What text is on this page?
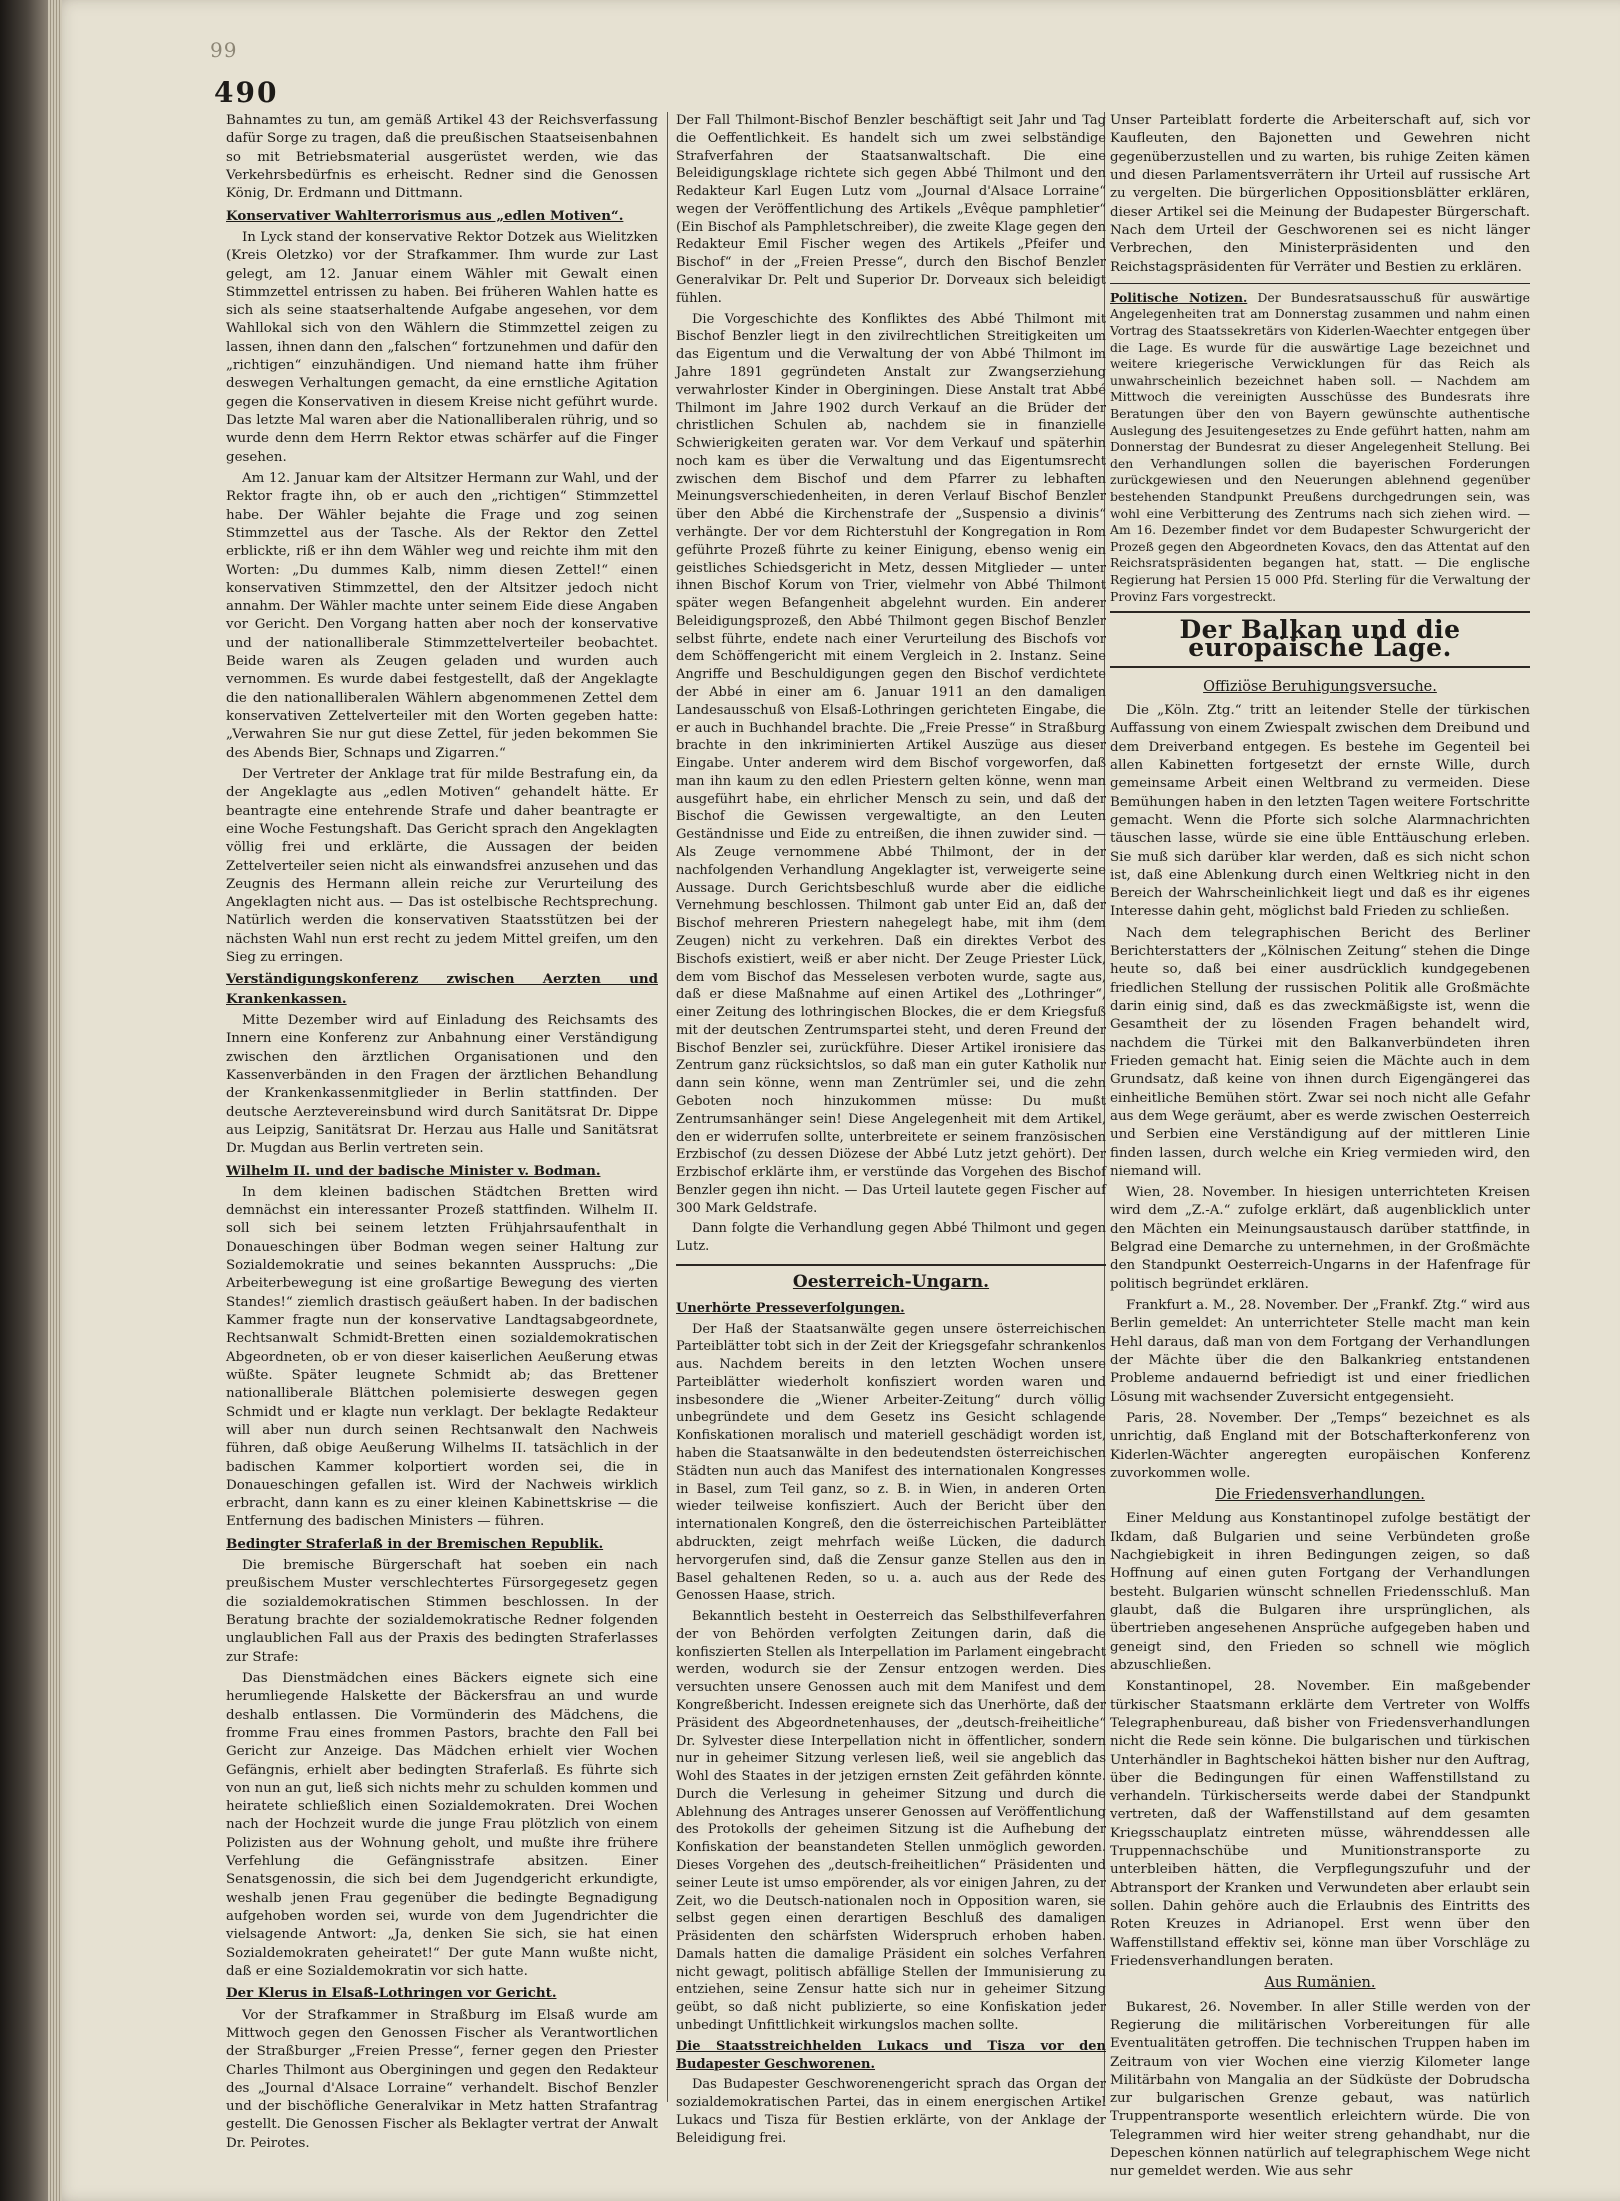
99
490

Bahnamtes zu tun, am gemäß Artikel 43 der Reichsverfassung dafür Sorge zu tragen, daß die preußischen Staatseisenbahnen so mit Betriebsmaterial ausgerüstet werden, wie das Verkehrsbedürfnis es erheischt. Redner sind die Genossen König, Dr. Erdmann und Dittmann.

Konservativer Wahlterrorismus aus „edlen Motiven“.

In Lyck stand der konservative Rektor Dotzek aus Wielitzken (Kreis Oletzko) vor der Strafkammer. Ihm wurde zur Last gelegt, am 12. Januar einem Wähler mit Gewalt einen Stimmzettel entrissen zu haben. Bei früheren Wahlen hatte es sich als seine staatserhaltende Aufgabe angesehen, vor dem Wahllokal sich von den Wählern die Stimmzettel zeigen zu lassen, ihnen dann den „falschen“ fortzunehmen und dafür den „richtigen“ einzuhändigen. Und niemand hatte ihm früher deswegen Verhaltungen gemacht, da eine ernstliche Agitation gegen die Konservativen in diesem Kreise nicht geführt wurde. Das letzte Mal waren aber die Nationalliberalen rührig, und so wurde denn dem Herrn Rektor etwas schärfer auf die Finger gesehen.

Am 12. Januar kam der Altsitzer Hermann zur Wahl, und der Rektor fragte ihn, ob er auch den „richtigen“ Stimmzettel habe. Der Wähler bejahte die Frage und zog seinen Stimmzettel aus der Tasche. Als der Rektor den Zettel erblickte, riß er ihn dem Wähler weg und reichte ihm mit den Worten: „Du dummes Kalb, nimm diesen Zettel!“ einen konservativen Stimmzettel, den der Altsitzer jedoch nicht annahm. Der Wähler machte unter seinem Eide diese Angaben vor Gericht. Den Vorgang hatten aber noch der konservative und der nationalliberale Stimmzettelverteiler beobachtet. Beide waren als Zeugen geladen und wurden auch vernommen. Es wurde dabei festgestellt, daß der Angeklagte die den nationalliberalen Wählern abgenommenen Zettel dem konservativen Zettelverteiler mit den Worten gegeben hatte: „Verwahren Sie nur gut diese Zettel, für jeden bekommen Sie des Abends Bier, Schnaps und Zigarren.“

Der Vertreter der Anklage trat für milde Bestrafung ein, da der Angeklagte aus „edlen Motiven“ gehandelt hätte. Er beantragte eine entehrende Strafe und daher beantragte er eine Woche Festungshaft. Das Gericht sprach den Angeklagten völlig frei und erklärte, die Aussagen der beiden Zettelverteiler seien nicht als einwandsfrei anzusehen und das Zeugnis des Hermann allein reiche zur Verurteilung des Angeklagten nicht aus. — Das ist ostelbische Rechtsprechung. Natürlich werden die konservativen Staatsstützen bei der nächsten Wahl nun erst recht zu jedem Mittel greifen, um den Sieg zu erringen.

Verständigungskonferenz zwischen Aerzten und Krankenkassen.

Mitte Dezember wird auf Einladung des Reichsamts des Innern eine Konferenz zur Anbahnung einer Verständigung zwischen den ärztlichen Organisationen und den Kassenverbänden in den Fragen der ärztlichen Behandlung der Krankenkassenmitglieder in Berlin stattfinden. Der deutsche Aerztevereinsbund wird durch Sanitätsrat Dr. Dippe aus Leipzig, Sanitätsrat Dr. Herzau aus Halle und Sanitätsrat Dr. Mugdan aus Berlin vertreten sein.

Wilhelm II. und der badische Minister v. Bodman.

In dem kleinen badischen Städtchen Bretten wird demnächst ein interessanter Prozeß stattfinden. Wilhelm II. soll sich bei seinem letzten Frühjahrsaufenthalt in Donaueschingen über Bodman wegen seiner Haltung zur Sozialdemokratie und seines bekannten Ausspruchs: „Die Arbeiterbewegung ist eine großartige Bewegung des vierten Standes!“ ziemlich drastisch geäußert haben. In der badischen Kammer fragte nun der konservative Landtagsabgeordnete, Rechtsanwalt Schmidt-Bretten einen sozialdemokratischen Abgeordneten, ob er von dieser kaiserlichen Aeußerung etwas wüßte. Später leugnete Schmidt ab; das Brettener nationalliberale Blättchen polemisierte deswegen gegen Schmidt und er klagte nun verklagt. Der beklagte Redakteur will aber nun durch seinen Rechtsanwalt den Nachweis führen, daß obige Aeußerung Wilhelms II. tatsächlich in der badischen Kammer kolportiert worden sei, die in Donaueschingen gefallen ist. Wird der Nachweis wirklich erbracht, dann kann es zu einer kleinen Kabinettskrise — die Entfernung des badischen Ministers — führen.

Bedingter Straferlaß in der Bremischen Republik.

Die bremische Bürgerschaft hat soeben ein nach preußischem Muster verschlechtertes Fürsorgegesetz gegen die sozialdemokratischen Stimmen beschlossen. In der Beratung brachte der sozialdemokratische Redner folgenden unglaublichen Fall aus der Praxis des bedingten Straferlasses zur Strafe:

Das Dienstmädchen eines Bäckers eignete sich eine herumliegende Halskette der Bäckersfrau an und wurde deshalb entlassen. Die Vormünderin des Mädchens, die fromme Frau eines frommen Pastors, brachte den Fall bei Gericht zur Anzeige. Das Mädchen erhielt vier Wochen Gefängnis, erhielt aber bedingten Straferlaß. Es führte sich von nun an gut, ließ sich nichts mehr zu schulden kommen und heiratete schließlich einen Sozialdemokraten. Drei Wochen nach der Hochzeit wurde die junge Frau plötzlich von einem Polizisten aus der Wohnung geholt, und mußte ihre frühere Verfehlung die Gefängnisstrafe absitzen. Einer Senatsgenossin, die sich bei dem Jugendgericht erkundigte, weshalb jenen Frau gegenüber die bedingte Begnadigung aufgehoben worden sei, wurde von dem Jugendrichter die vielsagende Antwort: „Ja, denken Sie sich, sie hat einen Sozialdemokraten geheiratet!“ Der gute Mann wußte nicht, daß er eine Sozialdemokratin vor sich hatte.

Der Klerus in Elsaß-Lothringen vor Gericht.

Vor der Strafkammer in Straßburg im Elsaß wurde am Mittwoch gegen den Genossen Fischer als Verantwortlichen der Straßburger „Freien Presse“, ferner gegen den Priester Charles Thilmont aus Oberginingen und gegen den Redakteur des „Journal d'Alsace Lorraine“ verhandelt. Bischof Benzler und der bischöfliche Generalvikar in Metz hatten Strafantrag gestellt. Die Genossen Fischer als Beklagter vertrat der Anwalt Dr. Peirotes.

Der Fall Thilmont-Bischof Benzler beschäftigt seit Jahr und Tag die Oeffentlichkeit. Es handelt sich um zwei selbständige Strafverfahren der Staatsanwaltschaft. Die eine Beleidigungsklage richtete sich gegen Abbé Thilmont und den Redakteur Karl Eugen Lutz vom „Journal d'Alsace Lorraine“ wegen der Veröffentlichung des Artikels „Evêque pamphletier“ (Ein Bischof als Pamphletschreiber), die zweite Klage gegen den Redakteur Emil Fischer wegen des Artikels „Pfeifer und Bischof“ in der „Freien Presse“, durch den Bischof Benzler Generalvikar Dr. Pelt und Superior Dr. Dorveaux sich beleidigt fühlen.

Die Vorgeschichte des Konfliktes des Abbé Thilmont mit Bischof Benzler liegt in den zivilrechtlichen Streitigkeiten um das Eigentum und die Verwaltung der von Abbé Thilmont im Jahre 1891 gegründeten Anstalt zur Zwangserziehung verwahrloster Kinder in Oberginingen. Diese Anstalt trat Abbé Thilmont im Jahre 1902 durch Verkauf an die Brüder der christlichen Schulen ab, nachdem sie in finanzielle Schwierigkeiten geraten war. Vor dem Verkauf und späterhin noch kam es über die Verwaltung und das Eigentumsrecht zwischen dem Bischof und dem Pfarrer zu lebhaften Meinungsverschiedenheiten, in deren Verlauf Bischof Benzler über den Abbé die Kirchenstrafe der „Suspensio a divinis“ verhängte. Der vor dem Richterstuhl der Kongregation in Rom geführte Prozeß führte zu keiner Einigung, ebenso wenig ein geistliches Schiedsgericht in Metz, dessen Mitglieder — unter ihnen Bischof Korum von Trier, vielmehr von Abbé Thilmont später wegen Befangenheit abgelehnt wurden. Ein anderer Beleidigungsprozeß, den Abbé Thilmont gegen Bischof Benzler selbst führte, endete nach einer Verurteilung des Bischofs vor dem Schöffengericht mit einem Vergleich in 2. Instanz. Seine Angriffe und Beschuldigungen gegen den Bischof verdichtete der Abbé in einer am 6. Januar 1911 an den damaligen Landesausschuß von Elsaß-Lothringen gerichteten Eingabe, die er auch in Buchhandel brachte. Die „Freie Presse“ in Straßburg brachte in den inkriminierten Artikel Auszüge aus dieser Eingabe. Unter anderem wird dem Bischof vorgeworfen, daß man ihn kaum zu den edlen Priestern gelten könne, wenn man ausgeführt habe, ein ehrlicher Mensch zu sein, und daß der Bischof die Gewissen vergewaltigte, an den Leuten Geständnisse und Eide zu entreißen, die ihnen zuwider sind. — Als Zeuge vernommene Abbé Thilmont, der in der nachfolgenden Verhandlung Angeklagter ist, verweigerte seine Aussage. Durch Gerichtsbeschluß wurde aber die eidliche Vernehmung beschlossen. Thilmont gab unter Eid an, daß der Bischof mehreren Priestern nahegelegt habe, mit ihm (dem Zeugen) nicht zu verkehren. Daß ein direktes Verbot des Bischofs existiert, weiß er aber nicht. Der Zeuge Priester Lück, dem vom Bischof das Messelesen verboten wurde, sagte aus, daß er diese Maßnahme auf einen Artikel des „Lothringer“, einer Zeitung des lothringischen Blockes, die er dem Kriegsfuß mit der deutschen Zentrumspartei steht, und deren Freund der Bischof Benzler sei, zurückführe. Dieser Artikel ironisiere das Zentrum ganz rücksichtslos, so daß man ein guter Katholik nur dann sein könne, wenn man Zentrümler sei, und die zehn Geboten noch hinzukommen müsse: Du mußt Zentrumsanhänger sein! Diese Angelegenheit mit dem Artikel, den er widerrufen sollte, unterbreitete er seinem französischen Erzbischof (zu dessen Diözese der Abbé Lutz jetzt gehört). Der Erzbischof erklärte ihm, er verstünde das Vorgehen des Bischof Benzler gegen ihn nicht. — Das Urteil lautete gegen Fischer auf 300 Mark Geldstrafe.

Dann folgte die Verhandlung gegen Abbé Thilmont und gegen Lutz.

Oesterreich-Ungarn.

Unerhörte Presseverfolgungen.

Der Haß der Staatsanwälte gegen unsere österreichischen Parteiblätter tobt sich in der Zeit der Kriegsgefahr schrankenlos aus. Nachdem bereits in den letzten Wochen unsere Parteiblätter wiederholt konfisziert worden waren und insbesondere die „Wiener Arbeiter-Zeitung“ durch völlig unbegründete und dem Gesetz ins Gesicht schlagende Konfiskationen moralisch und materiell geschädigt worden ist, haben die Staatsanwälte in den bedeutendsten österreichischen Städten nun auch das Manifest des internationalen Kongresses in Basel, zum Teil ganz, so z. B. in Wien, in anderen Orten wieder teilweise konfisziert. Auch der Bericht über den internationalen Kongreß, den die österreichischen Parteiblätter abdruckten, zeigt mehrfach weiße Lücken, die dadurch hervorgerufen sind, daß die Zensur ganze Stellen aus den in Basel gehaltenen Reden, so u. a. auch aus der Rede des Genossen Haase, strich.

Bekanntlich besteht in Oesterreich das Selbsthilfeverfahren der von Behörden verfolgten Zeitungen darin, daß die konfiszierten Stellen als Interpellation im Parlament eingebracht werden, wodurch sie der Zensur entzogen werden. Dies versuchten unsere Genossen auch mit dem Manifest und dem Kongreßbericht. Indessen ereignete sich das Unerhörte, daß der Präsident des Abgeordnetenhauses, der „deutsch-freiheitliche“ Dr. Sylvester diese Interpellation nicht in öffentlicher, sondern nur in geheimer Sitzung verlesen ließ, weil sie angeblich das Wohl des Staates in der jetzigen ernsten Zeit gefährden könnte. Durch die Verlesung in geheimer Sitzung und durch die Ablehnung des Antrages unserer Genossen auf Veröffentlichung des Protokolls der geheimen Sitzung ist die Aufhebung der Konfiskation der beanstandeten Stellen unmöglich geworden. Dieses Vorgehen des „deutsch-freiheitlichen“ Präsidenten und seiner Leute ist umso empörender, als vor einigen Jahren, zu der Zeit, wo die Deutsch-nationalen noch in Opposition waren, sie selbst gegen einen derartigen Beschluß des damaligen Präsidenten den schärfsten Widerspruch erhoben haben. Damals hatten die damalige Präsident ein solches Verfahren nicht gewagt, politisch abfällige Stellen der Immunisierung zu entziehen, seine Zensur hatte sich nur in geheimer Sitzung geübt, so daß nicht publizierte, so eine Konfiskation jeder unbedingt Unfittlichkeit wirkungslos machen sollte.

Die Staatsstreichhelden Lukacs und Tisza vor den Budapester Geschworenen.

Das Budapester Geschworenengericht sprach das Organ der sozialdemokratischen Partei, das in einem energischen Artikel Lukacs und Tisza für Bestien erklärte, von der Anklage der Beleidigung frei.

Unser Parteiblatt forderte die Arbeiterschaft auf, sich vor Kaufleuten, den Bajonetten und Gewehren nicht gegenüberzustellen und zu warten, bis ruhige Zeiten kämen und diesen Parlamentsverrätern ihr Urteil auf russische Art zu vergelten. Die bürgerlichen Oppositionsblätter erklären, dieser Artikel sei die Meinung der Budapester Bürgerschaft. Nach dem Urteil der Geschworenen sei es nicht länger Verbrechen, den Ministerpräsidenten und den Reichstagspräsidenten für Verräter und Bestien zu erklären.

Politische Notizen. Der Bundesratsausschuß für auswärtige Angelegenheiten trat am Donnerstag zusammen und nahm einen Vortrag des Staatssekretärs von Kiderlen-Waechter entgegen über die Lage. Es wurde für die auswärtige Lage bezeichnet und weitere kriegerische Verwicklungen für das Reich als unwahrscheinlich bezeichnet haben soll. — Nachdem am Mittwoch die vereinigten Ausschüsse des Bundesrats ihre Beratungen über den von Bayern gewünschte authentische Auslegung des Jesuitengesetzes zu Ende geführt hatten, nahm am Donnerstag der Bundesrat zu dieser Angelegenheit Stellung. Bei den Verhandlungen sollen die bayerischen Forderungen zurückgewiesen und den Neuerungen ablehnend gegenüber bestehenden Standpunkt Preußens durchgedrungen sein, was wohl eine Verbitterung des Zentrums nach sich ziehen wird. — Am 16. Dezember findet vor dem Budapester Schwurgericht der Prozeß gegen den Abgeordneten Kovacs, den das Attentat auf den Reichsratspräsidenten begangen hat, statt. — Die englische Regierung hat Persien 15 000 Pfd. Sterling für die Verwaltung der Provinz Fars vorgestreckt.

Der Balkan und die europäische Lage.
Offiziöse Beruhigungsversuche.

Die „Köln. Ztg.“ tritt an leitender Stelle der türkischen Auffassung von einem Zwiespalt zwischen dem Dreibund und dem Dreiverband entgegen. Es bestehe im Gegenteil bei allen Kabinetten fortgesetzt der ernste Wille, durch gemeinsame Arbeit einen Weltbrand zu vermeiden. Diese Bemühungen haben in den letzten Tagen weitere Fortschritte gemacht. Wenn die Pforte sich solche Alarmnachrichten täuschen lasse, würde sie eine üble Enttäuschung erleben. Sie muß sich darüber klar werden, daß es sich nicht schon ist, daß eine Ablenkung durch einen Weltkrieg nicht in den Bereich der Wahrscheinlichkeit liegt und daß es ihr eigenes Interesse dahin geht, möglichst bald Frieden zu schließen.

Nach dem telegraphischen Bericht des Berliner Berichterstatters der „Kölnischen Zeitung“ stehen die Dinge heute so, daß bei einer ausdrücklich kundgegebenen friedlichen Stellung der russischen Politik alle Großmächte darin einig sind, daß es das zweckmäßigste ist, wenn die Gesamtheit der zu lösenden Fragen behandelt wird, nachdem die Türkei mit den Balkanverbündeten ihren Frieden gemacht hat. Einig seien die Mächte auch in dem Grundsatz, daß keine von ihnen durch Eigengängerei das einheitliche Bemühen stört. Zwar sei noch nicht alle Gefahr aus dem Wege geräumt, aber es werde zwischen Oesterreich und Serbien eine Verständigung auf der mittleren Linie finden lassen, durch welche ein Krieg vermieden wird, den niemand will.

Wien, 28. November. In hiesigen unterrichteten Kreisen wird dem „Z.-A.“ zufolge erklärt, daß augenblicklich unter den Mächten ein Meinungsaustausch darüber stattfinde, in Belgrad eine Demarche zu unternehmen, in der Großmächte den Standpunkt Oesterreich-Ungarns in der Hafenfrage für politisch begründet erklären.

Frankfurt a. M., 28. November. Der „Frankf. Ztg.“ wird aus Berlin gemeldet: An unterrichteter Stelle macht man kein Hehl daraus, daß man von dem Fortgang der Verhandlungen der Mächte über die den Balkankrieg entstandenen Probleme andauernd befriedigt ist und einer friedlichen Lösung mit wachsender Zuversicht entgegensieht.

Paris, 28. November. Der „Temps“ bezeichnet es als unrichtig, daß England mit der Botschafterkonferenz von Kiderlen-Wächter angeregten europäischen Konferenz zuvorkommen wolle.

Die Friedensverhandlungen.

Einer Meldung aus Konstantinopel zufolge bestätigt der Ikdam, daß Bulgarien und seine Verbündeten große Nachgiebigkeit in ihren Bedingungen zeigen, so daß Hoffnung auf einen guten Fortgang der Verhandlungen besteht. Bulgarien wünscht schnellen Friedensschluß. Man glaubt, daß die Bulgaren ihre ursprünglichen, als übertrieben angesehenen Ansprüche aufgegeben haben und geneigt sind, den Frieden so schnell wie möglich abzuschließen.

Konstantinopel, 28. November. Ein maßgebender türkischer Staatsmann erklärte dem Vertreter von Wolffs Telegraphenbureau, daß bisher von Friedensverhandlungen nicht die Rede sein könne. Die bulgarischen und türkischen Unterhändler in Baghtschekoi hätten bisher nur den Auftrag, über die Bedingungen für einen Waffenstillstand zu verhandeln. Türkischerseits werde dabei der Standpunkt vertreten, daß der Waffenstillstand auf dem gesamten Kriegsschauplatz eintreten müsse, währenddessen alle Truppennachschübe und Munitionstransporte zu unterbleiben hätten, die Verpflegungszufuhr und der Abtransport der Kranken und Verwundeten aber erlaubt sein sollen. Dahin gehöre auch die Erlaubnis des Eintritts des Roten Kreuzes in Adrianopel. Erst wenn über den Waffenstillstand effektiv sei, könne man über Vorschläge zu Friedensverhandlungen beraten.

Aus Rumänien.

Bukarest, 26. November. In aller Stille werden von der Regierung die militärischen Vorbereitungen für alle Eventualitäten getroffen. Die technischen Truppen haben im Zeitraum von vier Wochen eine vierzig Kilometer lange Militärbahn von Mangalia an der Südküste der Dobrudscha zur bulgarischen Grenze gebaut, was natürlich Truppentransporte wesentlich erleichtern würde. Die von Telegrammen wird hier weiter streng gehandhabt, nur die Depeschen können natürlich auf telegraphischem Wege nicht nur gemeldet werden. Wie aus sehr
